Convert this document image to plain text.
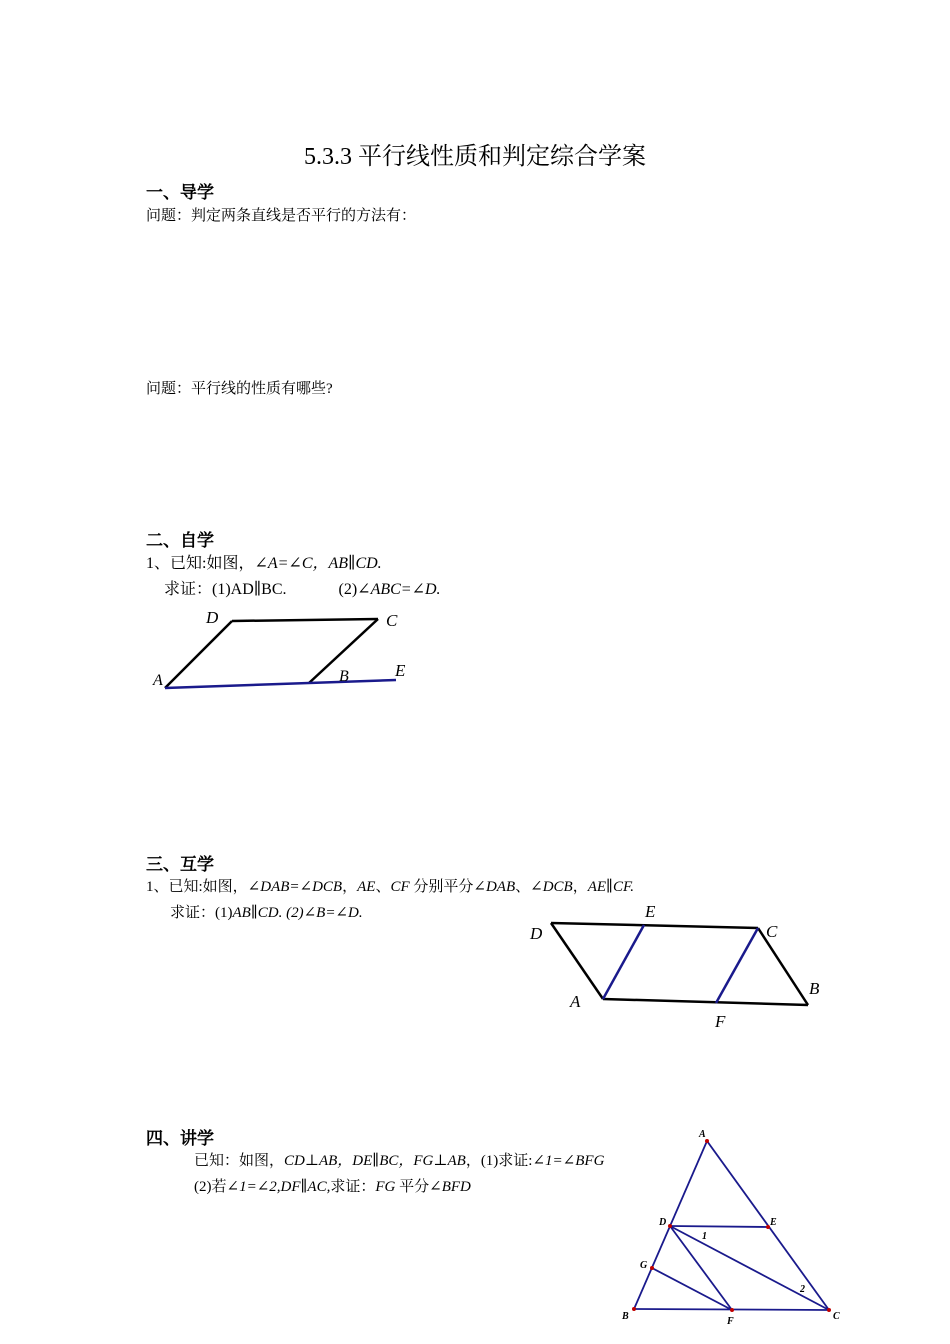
5.3.3 平行线性质和判定综合学案
一、导学
问题：判定两条直线是否平行的方法有：
问题：平行线的性质有哪些?
二、自学
1、已知:如图，∠A=∠C，AB∥CD.
求证：(1)AD∥BC.	(2)∠ABC=∠D.
A
D	C
B	E
三、互学
1、已知:如图，∠DAB=∠DCB，AE、CF 分别平分∠DAB、∠DCB，AE∥CF.
求证：(1)AB∥CD. (2)∠B=∠D.
D
E
C
B
A
F
四、讲学
已知：如图，CD⊥AB，DE∥BC，FG⊥AB，(1)求证:∠1=∠BFG
(2)若∠1=∠2,DF∥AC,求证：FG 平分∠BFD
A
D	E
G
B	F	C
1
2
